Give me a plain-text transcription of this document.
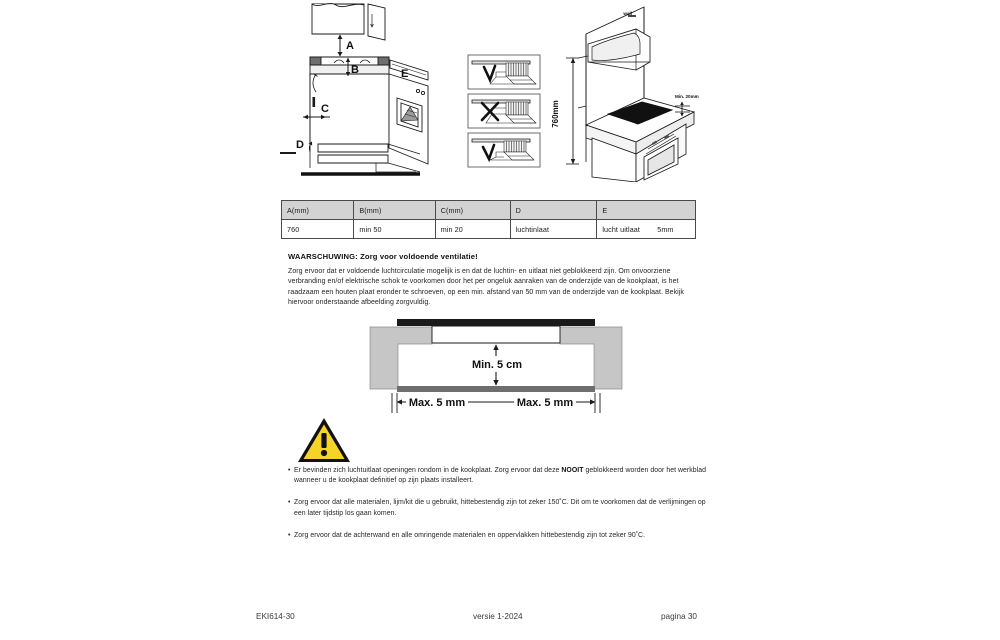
A
B
C
D
E
760mm
wall
Min. 20mm
A(mm)	B(mm)	C(mm)	D	E
760	min 50	min 20	luchtinlaat	lucht uitlaat 5mm
WAARSCHUWING: Zorg voor voldoende ventilatie!
Zorg ervoor dat er voldoende luchtcirculatie mogelijk is en dat de luchtin- en uitlaat niet geblokkeerd zijn. Om onvoorziene verbranding en/of elektrische schok te voorkomen door het per ongeluk aanraken van de onderzijde van de kookplaat, is het raadzaam een houten plaat eronder te schroeven, op een min. afstand van 50 mm van de onderzijde van de kookplaat. Bekijk hiervoor onderstaande afbeelding zorgvuldig.
Min. 5 cm
Max. 5 mm	Max. 5 mm
• Er bevinden zich luchtuitlaat openingen rondom in de kookplaat. Zorg ervoor dat deze NOOIT geblokkeerd worden door het werkblad wanneer u de kookplaat definitief op zijn plaats installeert.
• Zorg ervoor dat alle materialen, lijm/kit die u gebruikt, hittebestendig zijn tot zeker 150˚C. Dit om te voorkomen dat de verlijmingen op een later tijdstip los gaan komen.
• Zorg ervoor dat de achterwand en alle omringende materialen en oppervlakken hittebestendig zijn tot zeker 90˚C.
EKI614-30	versie 1-2024	pagina 30
